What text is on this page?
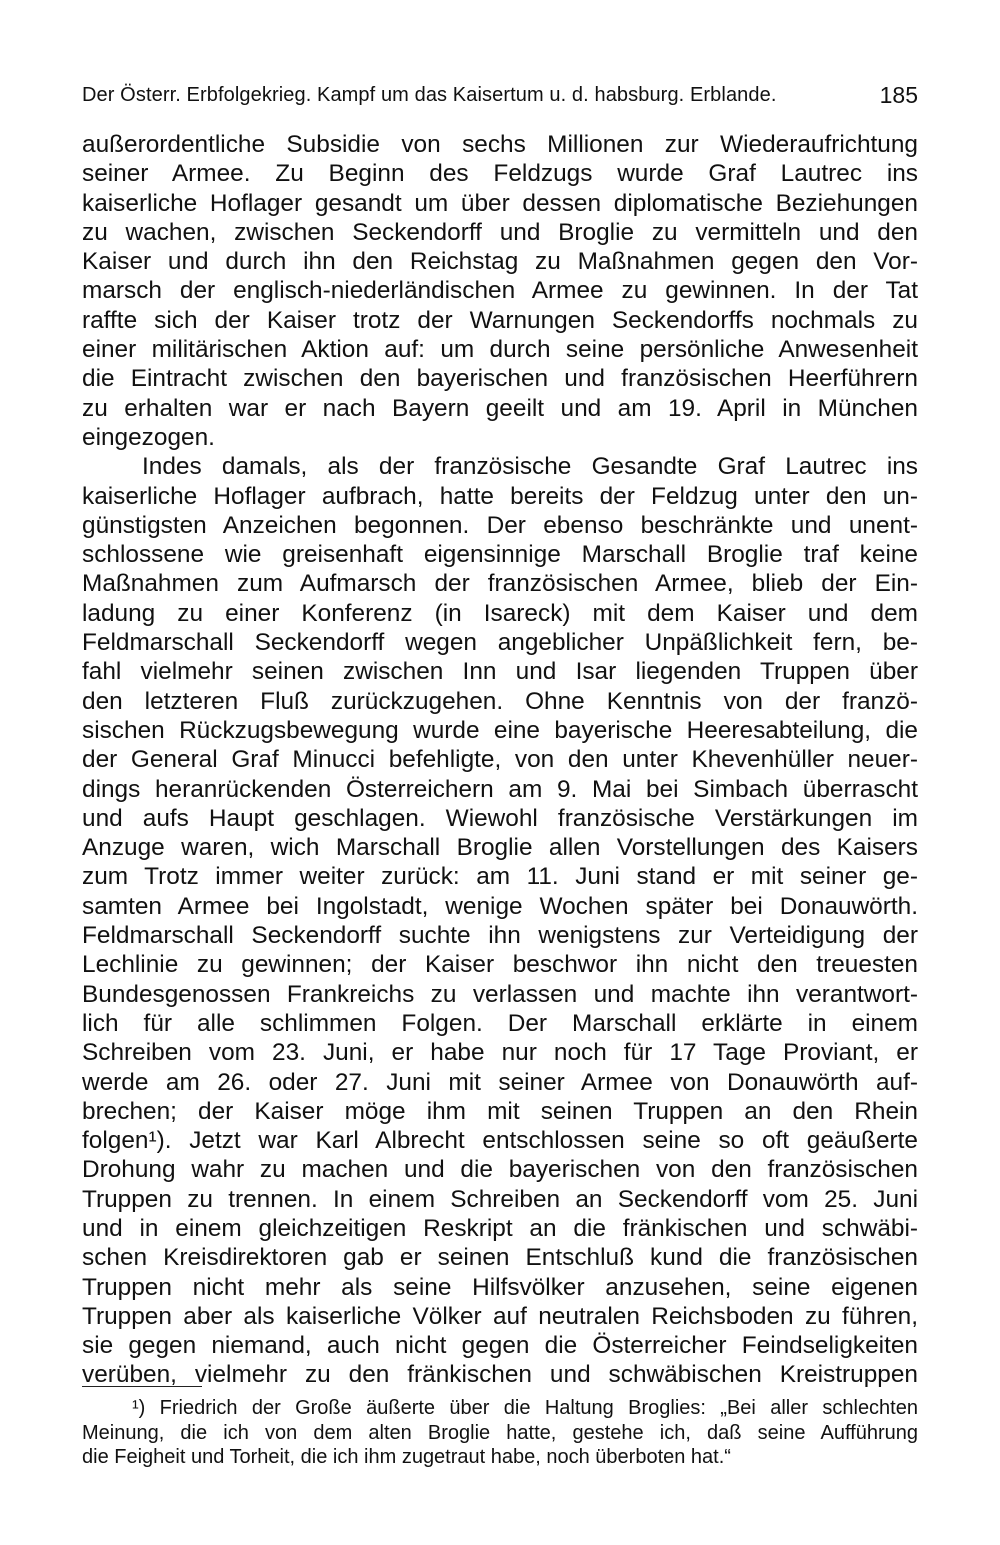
Der Österr. Erbfolgekrieg. Kampf um das Kaisertum u. d. habsburg. Erblande.	185
außerordentliche Subsidie von sechs Millionen zur Wiederaufrichtung
seiner Armee. Zu Beginn des Feldzugs wurde Graf Lautrec ins
kaiserliche Hoflager gesandt um über dessen diplomatische Beziehungen
zu wachen, zwischen Seckendorff und Broglie zu vermitteln und den
Kaiser und durch ihn den Reichstag zu Maßnahmen gegen den Vor-
marsch der englisch-niederländischen Armee zu gewinnen. In der Tat
raffte sich der Kaiser trotz der Warnungen Seckendorffs nochmals zu
einer militärischen Aktion auf: um durch seine persönliche Anwesenheit
die Eintracht zwischen den bayerischen und französischen Heerführern
zu erhalten war er nach Bayern geeilt und am 19. April in München
eingezogen.
Indes damals, als der französische Gesandte Graf Lautrec ins
kaiserliche Hoflager aufbrach, hatte bereits der Feldzug unter den un-
günstigsten Anzeichen begonnen. Der ebenso beschränkte und unent-
schlossene wie greisenhaft eigensinnige Marschall Broglie traf keine
Maßnahmen zum Aufmarsch der französischen Armee, blieb der Ein-
ladung zu einer Konferenz (in Isareck) mit dem Kaiser und dem
Feldmarschall Seckendorff wegen angeblicher Unpäßlichkeit fern, be-
fahl vielmehr seinen zwischen Inn und Isar liegenden Truppen über
den letzteren Fluß zurückzugehen. Ohne Kenntnis von der franzö-
sischen Rückzugsbewegung wurde eine bayerische Heeresabteilung, die
der General Graf Minucci befehligte, von den unter Khevenhüller neuer-
dings heranrückenden Österreichern am 9. Mai bei Simbach überrascht
und aufs Haupt geschlagen. Wiewohl französische Verstärkungen im
Anzuge waren, wich Marschall Broglie allen Vorstellungen des Kaisers
zum Trotz immer weiter zurück: am 11. Juni stand er mit seiner ge-
samten Armee bei Ingolstadt, wenige Wochen später bei Donauwörth.
Feldmarschall Seckendorff suchte ihn wenigstens zur Verteidigung der
Lechlinie zu gewinnen; der Kaiser beschwor ihn nicht den treuesten
Bundesgenossen Frankreichs zu verlassen und machte ihn verantwort-
lich für alle schlimmen Folgen. Der Marschall erklärte in einem
Schreiben vom 23. Juni, er habe nur noch für 17 Tage Proviant, er
werde am 26. oder 27. Juni mit seiner Armee von Donauwörth auf-
brechen; der Kaiser möge ihm mit seinen Truppen an den Rhein
folgen¹). Jetzt war Karl Albrecht entschlossen seine so oft geäußerte
Drohung wahr zu machen und die bayerischen von den französischen
Truppen zu trennen. In einem Schreiben an Seckendorff vom 25. Juni
und in einem gleichzeitigen Reskript an die fränkischen und schwäbi-
schen Kreisdirektoren gab er seinen Entschluß kund die französischen
Truppen nicht mehr als seine Hilfsvölker anzusehen, seine eigenen
Truppen aber als kaiserliche Völker auf neutralen Reichsboden zu führen,
sie gegen niemand, auch nicht gegen die Österreicher Feindseligkeiten
verüben, vielmehr zu den fränkischen und schwäbischen Kreistruppen
¹) Friedrich der Große äußerte über die Haltung Broglies: „Bei aller schlechten
Meinung, die ich von dem alten Broglie hatte, gestehe ich, daß seine Aufführung
die Feigheit und Torheit, die ich ihm zugetraut habe, noch überboten hat.“
